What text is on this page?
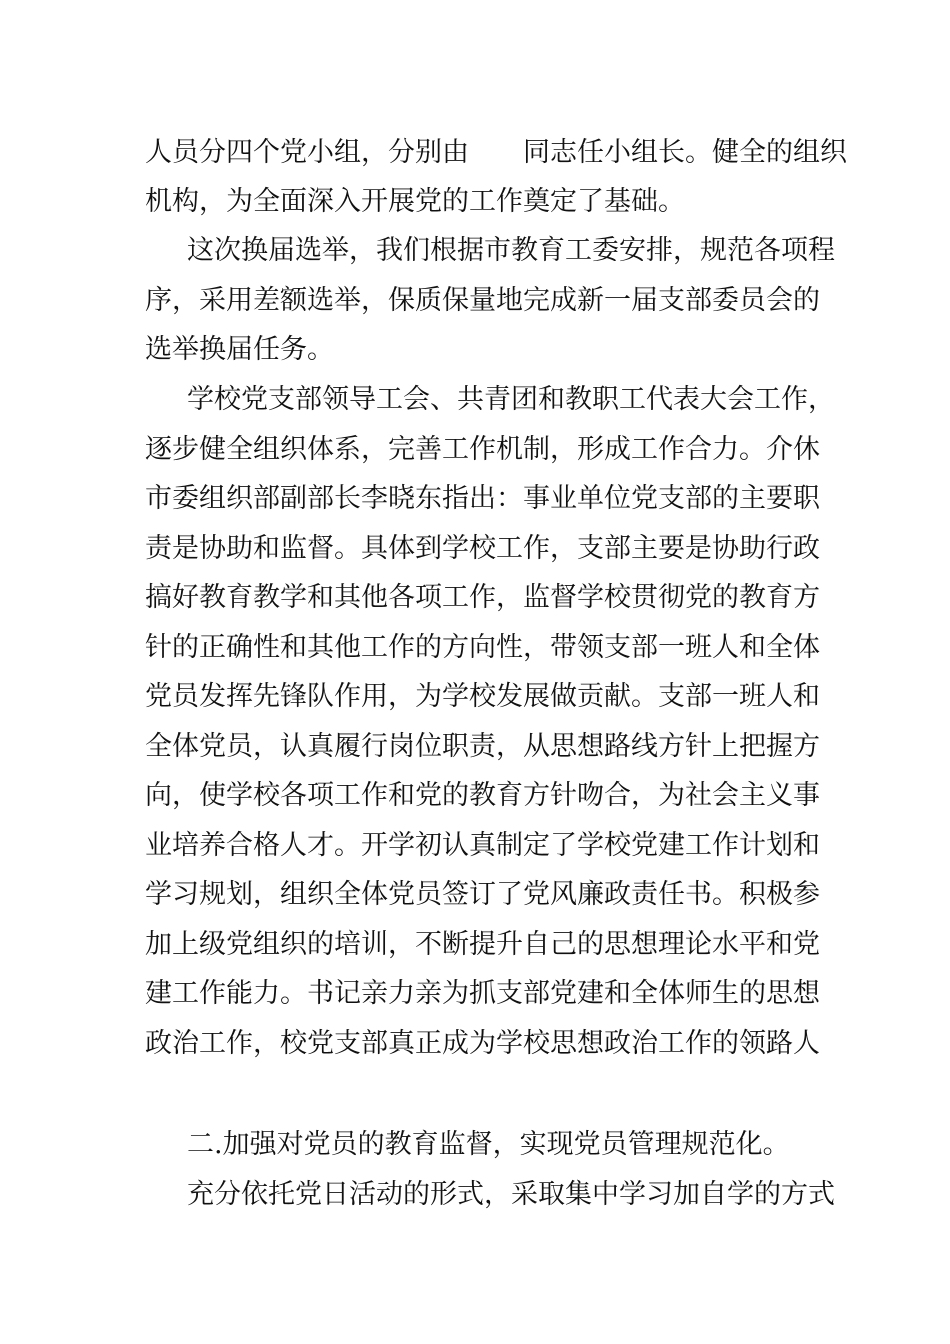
人员分四个党小组，分别由　　同志任小组长。健全的组织
机构，为全面深入开展党的工作奠定了基础。
这次换届选举，我们根据市教育工委安排，规范各项程
序，采用差额选举，保质保量地完成新一届支部委员会的
选举换届任务。
学校党支部领导工会、共青团和教职工代表大会工作，
逐步健全组织体系，完善工作机制，形成工作合力。介休
市委组织部副部长李晓东指出：事业单位党支部的主要职
责是协助和监督。具体到学校工作，支部主要是协助行政
搞好教育教学和其他各项工作，监督学校贯彻党的教育方
针的正确性和其他工作的方向性，带领支部一班人和全体
党员发挥先锋队作用，为学校发展做贡献。支部一班人和
全体党员，认真履行岗位职责，从思想路线方针上把握方
向，使学校各项工作和党的教育方针吻合，为社会主义事
业培养合格人才。开学初认真制定了学校党建工作计划和
学习规划，组织全体党员签订了党风廉政责任书。积极参
加上级党组织的培训，不断提升自己的思想理论水平和党
建工作能力。书记亲力亲为抓支部党建和全体师生的思想
政治工作，校党支部真正成为学校思想政治工作的领路人
二.加强对党员的教育监督，实现党员管理规范化。
充分依托党日活动的形式，采取集中学习加自学的方式
